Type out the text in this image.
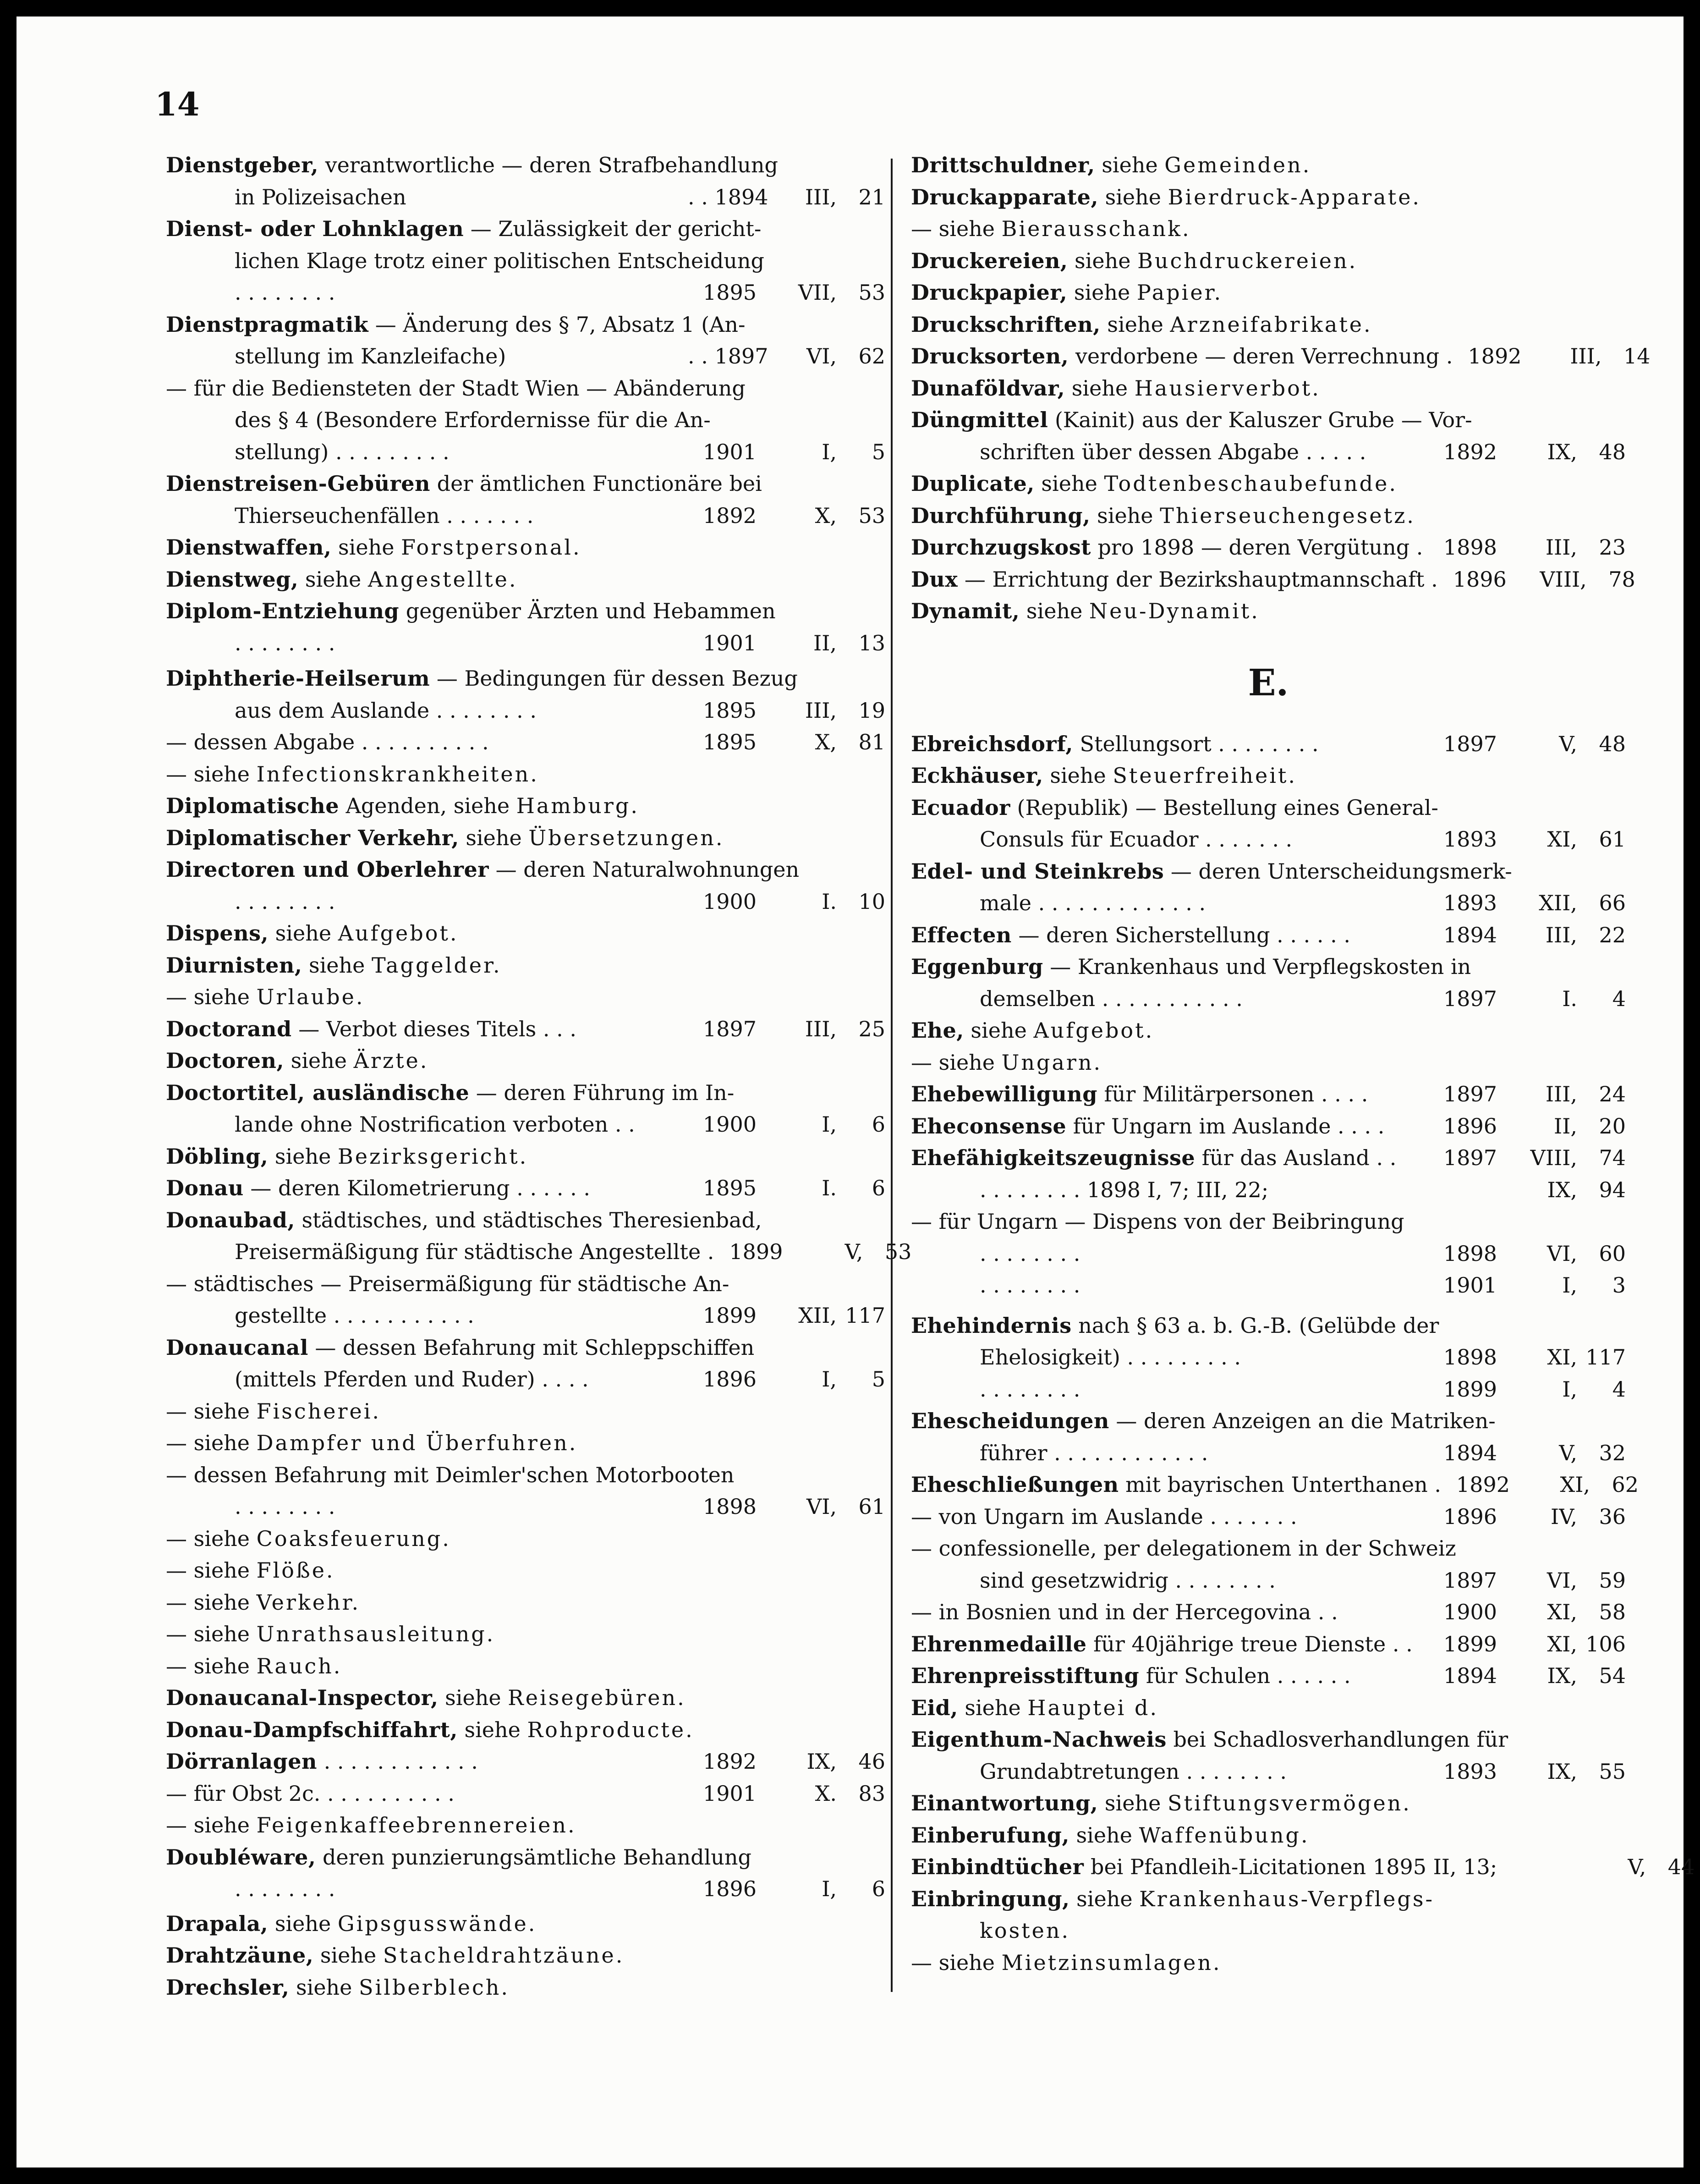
14
Dienstgeber, verantwortliche — deren Strafbehandlung
in Polizeisachen	. . 1894	III,	21
Dienst- oder Lohnklagen — Zulässigkeit der gericht-
lichen Klage trotz einer politischen Entscheidung
. . . . . . . .	1895	VII,	53
Dienstpragmatik — Änderung des § 7, Absatz 1 (An-
stellung im Kanzleifache)	. . 1897	VI,	62
— für die Bediensteten der Stadt Wien — Abänderung
des § 4 (Besondere Erfordernisse für die An-
stellung) . . . . . . . . .	1901	I,	5
Dienstreisen-Gebüren der ämtlichen Functionäre bei
Thierseuchenfällen . . . . . . .	1892	X,	53
Dienstwaffen, siehe Forstpersonal.
Dienstweg, siehe Angestellte.
Diplom-Entziehung gegenüber Ärzten und Hebammen
. . . . . . . .	1901	II,	13
Diphtherie-Heilserum — Bedingungen für dessen Bezug
aus dem Auslande . . . . . . . .	1895	III,	19
— dessen Abgabe . . . . . . . . . .	1895	X,	81
— siehe Infectionskrankheiten.
Diplomatische Agenden, siehe Hamburg.
Diplomatischer Verkehr, siehe Übersetzungen.
Directoren und Oberlehrer — deren Naturalwohnungen
. . . . . . . .	1900	I.	10
Dispens, siehe Aufgebot.
Diurnisten, siehe Taggelder.
— siehe Urlaube.
Doctorand — Verbot dieses Titels . . .	1897	III,	25
Doctoren, siehe Ärzte.
Doctortitel, ausländische — deren Führung im In-
lande ohne Nostrification verboten . .	1900	I,	6
Döbling, siehe Bezirksgericht.
Donau — deren Kilometrierung . . . . . .	1895	I.	6
Donaubad, städtisches, und städtisches Theresienbad,
Preisermäßigung für städtische Angestellte . 1899	V,	53
— städtisches — Preisermäßigung für städtische An-
gestellte . . . . . . . . . . .	1899	XII, 117
Donaucanal — dessen Befahrung mit Schleppschiffen
(mittels Pferden und Ruder) . . . .	1896	I,	5
— siehe Fischerei.
— siehe Dampfer und Überfuhren.
— dessen Befahrung mit Deimler'schen Motorbooten
. . . . . . . .	1898	VI,	61
— siehe Coaksfeuerung.
— siehe Flöße.
— siehe Verkehr.
— siehe Unrathsausleitung.
— siehe Rauch.
Donaucanal-Inspector, siehe Reisegebüren.
Donau-Dampfschiffahrt, siehe Rohproducte.
Dörranlagen . . . . . . . . . . . .	1892	IX,	46
— für Obst 2c. . . . . . . . . . .	1901	X.	83
— siehe Feigenkaffeebrennereien.
Doubléware, deren punzierungsämtliche Behandlung
. . . . . . . .	1896	I,	6
Drapala, siehe Gipsgusswände.
Drahtzäune, siehe Stacheldrahtzäune.
Drechsler, siehe Silberblech.
Drittschuldner, siehe Gemeinden.
Druckapparate, siehe Bierdruck-Apparate.
— siehe Bierausschank.
Druckereien, siehe Buchdruckereien.
Druckpapier, siehe Papier.
Druckschriften, siehe Arzneifabrikate.
Drucksorten, verdorbene — deren Verrechnung . 1892	III,	14
Dunaföldvar, siehe Hausierverbot.
Düngmittel (Kainit) aus der Kaluszer Grube — Vor-
schriften über dessen Abgabe . . . . .	1892	IX,	48
Duplicate, siehe Todtenbeschaubefunde.
Durchführung, siehe Thierseuchengesetz.
Durchzugskost pro 1898 — deren Vergütung . 1898	III,	23
Dux — Errichtung der Bezirkshauptmannschaft . 1896	VIII,	78
Dynamit, siehe Neu-Dynamit.
E.
Ebreichsdorf, Stellungsort . . . . . . . .	1897	V,	48
Eckhäuser, siehe Steuerfreiheit.
Ecuador (Republik) — Bestellung eines General-
Consuls für Ecuador . . . . . . .	1893	XI,	61
Edel- und Steinkrebs — deren Unterscheidungsmerk-
male . . . . . . . . . . . . .	1893	XII,	66
Effecten — deren Sicherstellung . . . . . .	1894	III,	22
Eggenburg — Krankenhaus und Verpflegskosten in
demselben . . . . . . . . . . .	1897	I.	4
Ehe, siehe Aufgebot.
— siehe Ungarn.
Ehebewilligung für Militärpersonen . . . .	1897	III,	24
Eheconsense für Ungarn im Auslande . . . .	1896	II,	20
Ehefähigkeitszeugnisse für das Ausland . .	1897	VIII,	74
. . . . . . . . 1898 I, 7; III, 22;	IX,	94
— für Ungarn — Dispens von der Beibringung
. . . . . . . .	1898	VI,	60
. . . . . . . .	1901	I,	3
Ehehindernis nach § 63 a. b. G.-B. (Gelübde der
Ehelosigkeit) . . . . . . . . .	1898	XI, 117
. . . . . . . .	1899	I,	4
Ehescheidungen — deren Anzeigen an die Matriken-
führer . . . . . . . . . . . .	1894	V,	32
Eheschließungen mit bayrischen Unterthanen . 1892	XI,	62
— von Ungarn im Auslande . . . . . . .	1896	IV,	36
— confessionelle, per delegationem in der Schweiz
sind gesetzwidrig . . . . . . . .	1897	VI,	59
— in Bosnien und in der Hercegovina . .	1900	XI,	58
Ehrenmedaille für 40jährige treue Dienste . .	1899	XI, 106
Ehrenpreisstiftung für Schulen . . . . . .	1894	IX,	54
Eid, siehe Hauptei d.
Eigenthum-Nachweis bei Schadlosverhandlungen für
Grundabtretungen . . . . . . . .	1893	IX,	55
Einantwortung, siehe Stiftungsvermögen.
Einberufung, siehe Waffenübung.
Einbindtücher bei Pfandleih-Licitationen 1895 II, 13;	V,	44
Einbringung, siehe Krankenhaus-Verpflegs-
kosten.
— siehe Mietzinsumlagen.
